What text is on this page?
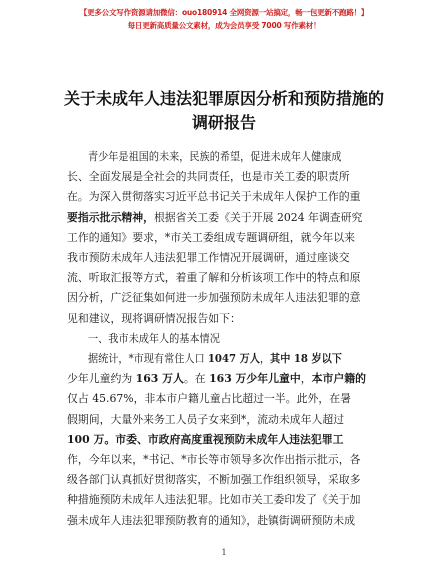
【更多公文写作资源请加微信：ouo180914 全网资源一站搞定，畅一包更新不跑路！】
每日更新高质量公文素材，成为会员享受 7000 写作素材！
关于未成年人违法犯罪原因分析和预防措施的
调研报告
青少年是祖国的未来，民族的希望，促进未成年人健康成
长、全面发展是全社会的共同责任，也是市关工委的职责所
在。为深入贯彻落实习近平总书记关于未成年人保护工作的重
要指示批示精神，根据省关工委《关于开展 2024 年调查研究
工作的通知》要求，*市关工委组成专题调研组，就今年以来
我市预防未成年人违法犯罪工作情况开展调研，通过座谈交
流、听取汇报等方式，着重了解和分析该项工作中的特点和原
因分析，广泛征集如何进一步加强预防未成年人违法犯罪的意
见和建议，现将调研情况报告如下：
一、我市未成年人的基本情况
据统计，*市现有常住人口 1047 万人，其中 18 岁以下
少年儿童约为 163 万人。在 163 万少年儿童中，本市户籍的
仅占 45.67%，非本市户籍儿童占比超过一半。此外，在暑
假期间，大量外来务工人员子女来到*，流动未成年人超过
100 万。市委、市政府高度重视预防未成年人违法犯罪工
作，今年以来，*书记、*市长等市领导多次作出指示批示，各
级各部门认真抓好贯彻落实，不断加强工作组织领导，采取多
种措施预防未成年人违法犯罪。比如市关工委印发了《关于加
强未成年人违法犯罪预防教育的通知》，赴镇街调研预防未成
1
